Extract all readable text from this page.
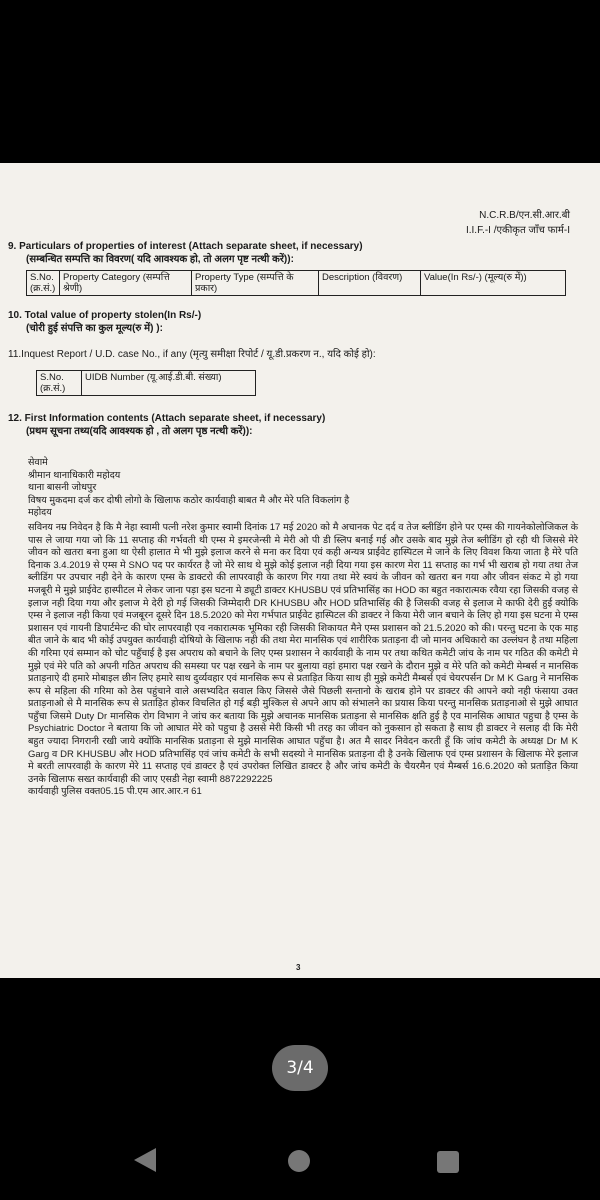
N.C.R.B/एन.सी.आर.बी
I.I.F.-I /एकीकृत जाँच फार्म-I
9. Particulars of properties of interest (Attach separate sheet, if necessary)
(सम्बन्धित सम्पत्ति का विवरण( यदि आवश्यक हो, तो अलग पृष्ट नत्थी करें)):
S.No. (क्र.सं.)	Property Category (सम्पत्ति श्रेणी)	Property Type (सम्पत्ति के प्रकार)	Description (विवरण)	Value(In Rs/-) (मूल्य(रु में))
10. Total value of property stolen(In Rs/-)
(चोरी हुई संपत्ति का कुल मूल्य(रु में) ):
11.Inquest Report / U.D. case No., if any (मृत्यु समीक्षा रिपोर्ट / यू.डी.प्रकरण न., यदि कोई हो):
S.No. (क्र.सं.)	UIDB Number (यू.आई.डी.बी. संख्या)
12. First Information contents (Attach separate sheet, if necessary)
(प्रथम सूचना तथ्य(यदि आवश्यक हो , तो अलग पृष्ठ नत्थी करें)):
सेवामे
श्रीमान थानाधिकारी महोदय
थाना बासनी जोधपुर
विषय मुकदमा दर्ज कर दोषी लोगो के खिलाफ कठोर कार्यवाही बाबत मै और मेरे पति विकलांग है
महोदय
सविनय नम्र निवेदन है कि मै नेहा स्वामी पत्नी नरेश कुमार स्वामी दिनांक 17 मई 2020 को मै अचानक पेट दर्द व तेज ब्लीडिंग होने पर एम्स की गायनेकोलोजिकल के पास ले जाया गया जो कि 11 सप्ताह की गर्भवती थी एम्स मे इमरजेन्सी मे मेरी ओ पी डी स्लिप बनाई गई और उसके बाद मुझे तेज ब्लीडिंग हो रही थी जिससे मेरे जीवन को खतरा बना हुआ था ऐसी हालात मे भी मुझे इलाज करने से मना कर दिया एवं कही अन्यत्र प्राईवेट हास्पिटल मे जाने के लिए विवश किया जाता है मेरे पति दिनाक 3.4.2019 से एम्स मे SNO पद पर कार्यरत है जो मेरे साथ थे मुझे कोई इलाज नही दिया गया इस कारण मेरा 11 सप्ताह का गर्भ भी खराब हो गया तथा तेज ब्लीडिंग पर उपचार नही देने के कारण एम्स के डाक्टरो की लापरवाही के कारण गिर गया तथा मेरे स्वयं के जीवन को खतरा बन गया और जीवन संकट मे हो गया मजबूरी मे मुझे प्राईवेट हास्पीटल मे लेकर जाना पड़ा इस घटना मे ड्यूटी डाक्टर KHUSBU एवं प्रतिभासिंह का HOD का बहुत नकारात्मक रवैया रहा जिसकी वजह से इलाज नही दिया गया और इलाज मे देरी हो गई जिसकी जिम्मेदारी DR KHUSBU और HOD प्रतिभासिंह की है जिसकी वजह से इलाज मे काफी देरी हुई क्योकि एम्स ने इलाज नही किया एवं मजबूरन दूसरे दिन 18.5.2020 को मेरा गर्भपात प्राईवेट हास्पिटल की डाक्टर ने किया मेरी जान बचाने के लिए हो गया इस घटना मे एम्स प्रशासन एवं गायनी डिपार्टमेन्ट की घोर लापरवाही एव नकारात्मक भूमिका रही जिसकी शिकायत मैने एम्स प्रशासन को 21.5.2020 को की। परन्तु घटना के एक माह बीत जाने के बाद भी कोई उपयुक्त कार्यवाही दोषियो के खिलाफ नही की तथा मेरा मानसिक एवं शारीरिक प्रताड़ना दी जो मानव अधिकारो का उल्लंघन है तथा महिला की गरिमा एवं सम्मान को चोट पहुँचाई है इस अपराध को बचाने के लिए एम्स प्रशासन ने कार्यवाही के नाम पर तथा कथित कमेटी जांच के नाम पर गठित की कमेटी मे मुझे एवं मेरे पति को अपनी गठित अपराध की समस्या पर पक्ष रखने के नाम पर बुलाया वहां हमारा पक्ष रखने के दौरान मुझे व मेरे पति को कमेटी मेम्बर्स न मानसिक प्रताड़नाऐ दी हमारे मोबाइल छीन लिए हमारे साथ दुर्व्यवहार एवं मानसिक रूप से प्रताड़ित किया साथ ही मुझे कमेटी मैम्बर्स एवं चेयरपर्सन Dr M K Garg ने मानसिक रूप से महिला की गरिमा को ठेस पहुंचाने वाले असभ्यदित सवाल किए जिससे जैसे पिछली सन्तानो के खराब होने पर डाक्टर की आपने क्यो नही फंसाया उक्त प्रताड़नाओ से मै मानसिक रूप से प्रताड़ित होकर विचलित हो गई बड़ी मुश्किल से अपने आप को संभालने का प्रयास किया परन्तु मानसिक प्रताड़नाओ से मुझे आघात पहुँचा जिसमे Duty Dr मानसिक रोग विभाग ने जांच कर बताया कि मुझे अचानक मानसिक प्रताड़ना से मानसिक क्षति हुई है एव मानसिक आघात पहुचा है एम्स के Psychiatric Doctor ने बताया कि जो आघात मेरे को पहुचा है उससे मेरी किसी भी तरह का जीवन को नुकसान हो सकता है साथ ही डाक्टर ने सलाह दी कि मेरी बहुत ज्यादा निगरानी रखी जाये क्योंकि मानसिक प्रताड़ना से मुझे मानसिक आघात पहुँचा है। अत मै सादर निवेदन करती हूँ कि जांच कमेटी के अध्यक्ष Dr M K Garg व DR KHUSBU और HOD प्रतिभासिंह एवं जांच कमेटी के सभी सदस्यो ने मानसिक प्रताड़ना दी है उनके खिलाफ एवं एम्स प्रशासन के खिलाफ मेरे इलाज मे बरती लापरवाही के कारण मेरे 11 सप्ताह एवं डाक्टर है एवं उपरोक्त लिखित डाक्टर है और जांच कमेटी के चैयरमैन एवं मैम्बर्स 16.6.2020 को प्रताड़ित किया उनके खिलाफ सख्त कार्यवाही की जाए एसडी नेहा स्वामी 8872292225
कार्यवाही पुलिस वक्त05.15 पी.एम आर.आर.न 61
3
3/4
